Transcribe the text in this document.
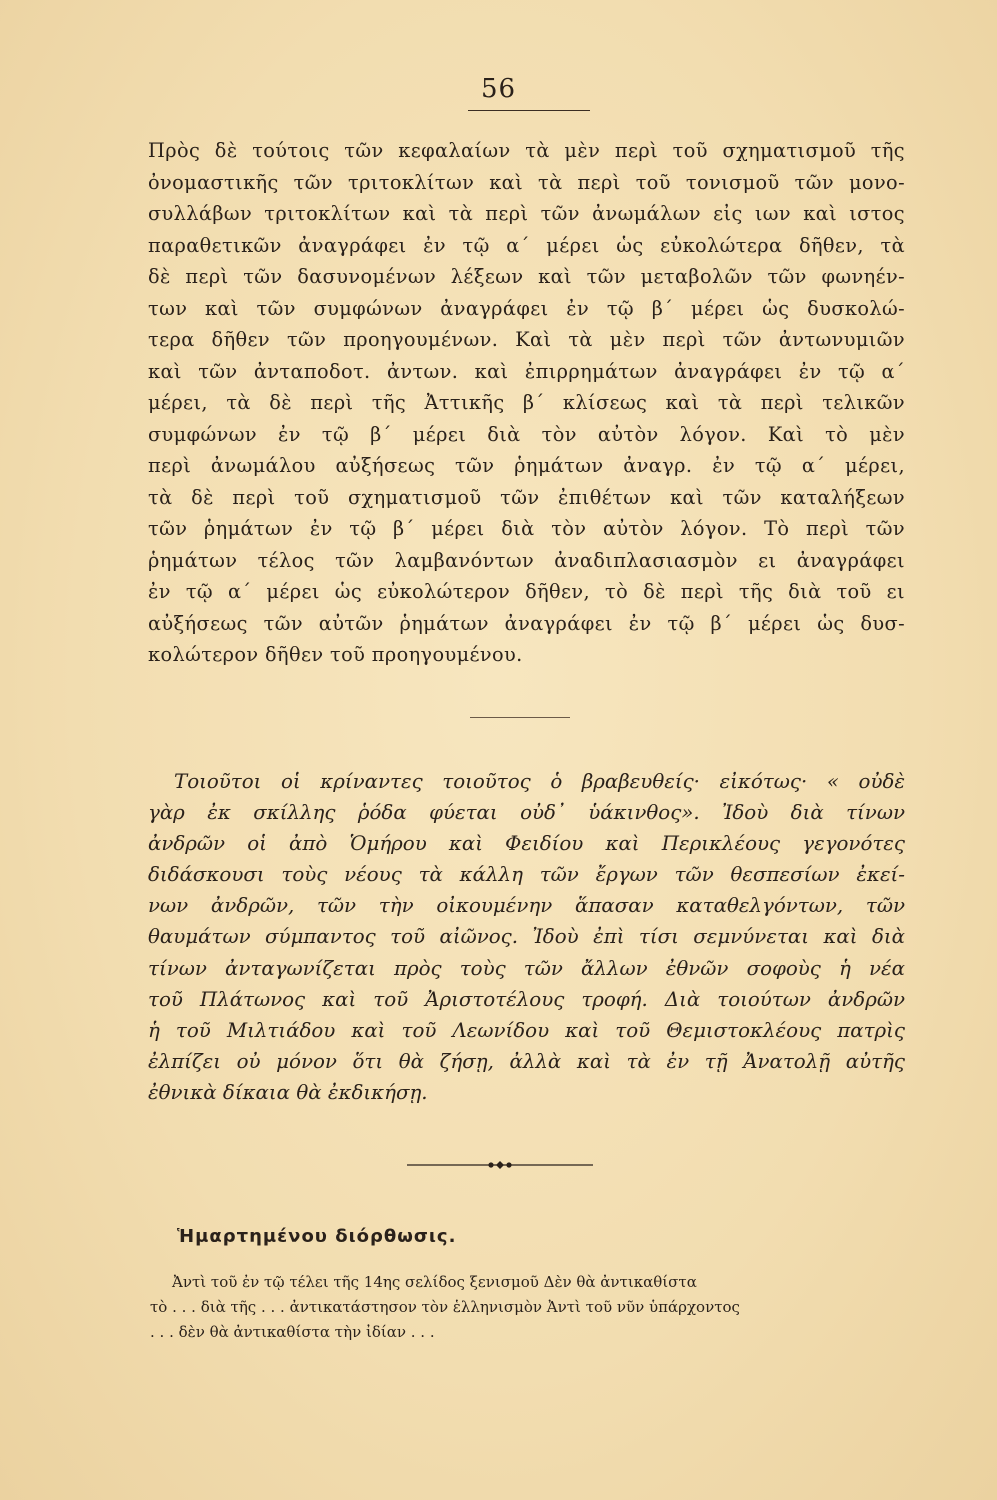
56
Πρὸς δὲ τούτοις τῶν κεφαλαίων τὰ μὲν περὶ τοῦ σχηματισμοῦ τῆς
ὀνομαστικῆς τῶν τριτοκλίτων καὶ τὰ περὶ τοῦ τονισμοῦ τῶν μονο-
συλλάβων τριτοκλίτων καὶ τὰ περὶ τῶν ἀνωμάλων εἰς ιων καὶ ιστος
παραθετικῶν ἀναγράφει ἐν τῷ α΄ μέρει ὡς εὐκολώτερα δῆθεν, τὰ
δὲ περὶ τῶν δασυνομένων λέξεων καὶ τῶν μεταβολῶν τῶν φωνηέν-
των καὶ τῶν συμφώνων ἀναγράφει ἐν τῷ β΄ μέρει ὡς δυσκολώ-
τερα δῆθεν τῶν προηγουμένων. Καὶ τὰ μὲν περὶ τῶν ἀντωνυμιῶν
καὶ τῶν ἀνταποδοτ. ἀντων. καὶ ἐπιρρημάτων ἀναγράφει ἐν τῷ α΄
μέρει, τὰ δὲ περὶ τῆς Ἀττικῆς β΄ κλίσεως καὶ τὰ περὶ τελικῶν
συμφώνων ἐν τῷ β΄ μέρει διὰ τὸν αὐτὸν λόγον. Καὶ τὸ μὲν
περὶ ἀνωμάλου αὐξήσεως τῶν ῥημάτων ἀναγρ. ἐν τῷ α΄ μέρει,
τὰ δὲ περὶ τοῦ σχηματισμοῦ τῶν ἐπιθέτων καὶ τῶν καταλήξεων
τῶν ῥημάτων ἐν τῷ β΄ μέρει διὰ τὸν αὐτὸν λόγον. Τὸ περὶ τῶν
ῥημάτων τέλος τῶν λαμβανόντων ἀναδιπλασιασμὸν ει ἀναγράφει
ἐν τῷ α΄ μέρει ὡς εὐκολώτερον δῆθεν, τὸ δὲ περὶ τῆς διὰ τοῦ ει
αὐξήσεως τῶν αὐτῶν ῥημάτων ἀναγράφει ἐν τῷ β΄ μέρει ὡς δυσ-
κολώτερον δῆθεν τοῦ προηγουμένου.
Τοιοῦτοι οἱ κρίναντες τοιοῦτος ὁ βραβευθείς· εἰκότως· « οὐδὲ
γὰρ ἐκ σκίλλης ῥόδα φύεται οὐδ᾿ ὑάκινθος». Ἰδοὺ διὰ τίνων
ἀνδρῶν οἱ ἀπὸ Ὁμήρου καὶ Φειδίου καὶ Περικλέους γεγονότες
διδάσκουσι τοὺς νέους τὰ κάλλη τῶν ἔργων τῶν θεσπεσίων ἐκεί-
νων ἀνδρῶν, τῶν τὴν οἰκουμένην ἅπασαν καταθελγόντων, τῶν
θαυμάτων σύμπαντος τοῦ αἰῶνος. Ἰδοὺ ἐπὶ τίσι σεμνύνεται καὶ διὰ
τίνων ἀνταγωνίζεται πρὸς τοὺς τῶν ἄλλων ἐθνῶν σοφοὺς ἡ νέα
τοῦ Πλάτωνος καὶ τοῦ Ἀριστοτέλους τροφή. Διὰ τοιούτων ἀνδρῶν
ἡ τοῦ Μιλτιάδου καὶ τοῦ Λεωνίδου καὶ τοῦ Θεμιστοκλέους πατρὶς
ἐλπίζει οὐ μόνον ὅτι θὰ ζήσῃ, ἀλλὰ καὶ τὰ ἐν τῇ Ἀνατολῇ αὐτῆς
ἐθνικὰ δίκαια θὰ ἐκδικήσῃ.
Ἡμαρτημένου διόρθωσις.
Ἀντὶ τοῦ ἐν τῷ τέλει τῆς 14ης σελίδος ξενισμοῦ Δὲν θὰ ἀντικαθίστα
τὸ . . . διὰ τῆς . . . ἀντικατάστησον τὸν ἑλληνισμὸν Ἀντὶ τοῦ νῦν ὑπάρχοντος
. . . δὲν θὰ ἀντικαθίστα τὴν ἰδίαν . . .
